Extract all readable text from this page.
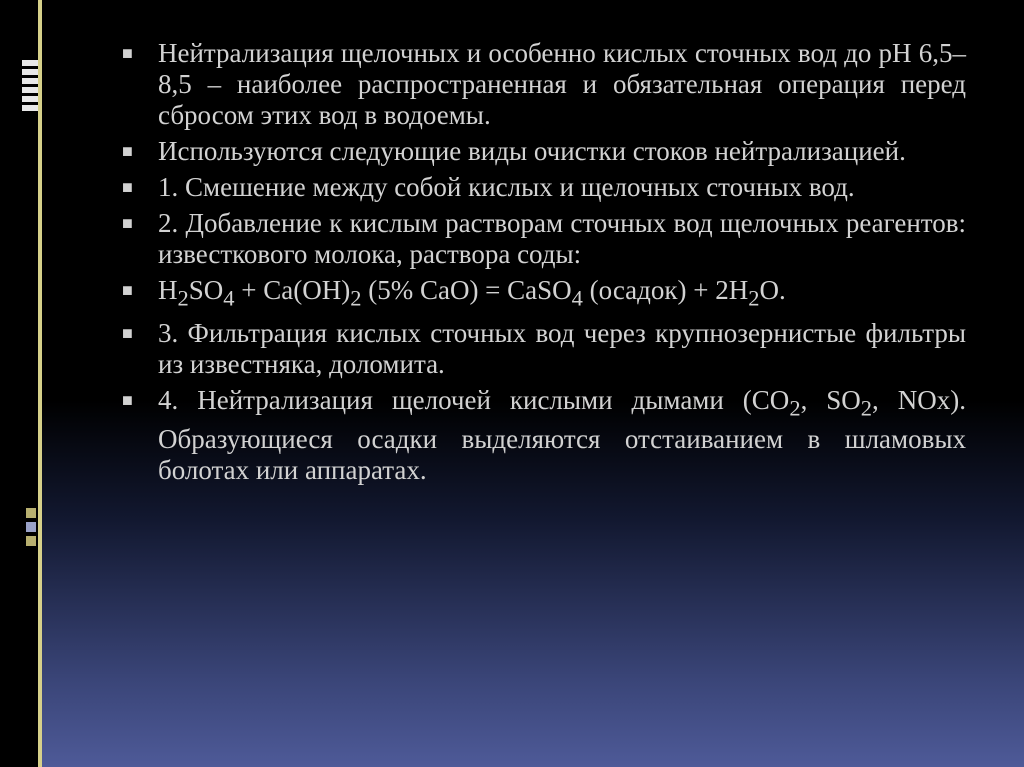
■ Нейтрализация щелочных и особенно кислых сточных вод до рН 6,5–8,5 – наиболее распространенная и обязательная операция перед сбросом этих вод в водоемы.
■ Используются следующие виды очистки стоков нейтрализацией.
■ 1. Смешение между собой кислых и щелочных сточных вод.
■ 2. Добавление к кислым растворам сточных вод щелочных реагентов: известкового молока, раствора соды:
■ $H_2SO_4 + Ca(OH)_2$ (5% CaO) = CaSO$_4$ (осадок) + $2H_2O$.
■ 3. Фильтрация кислых сточных вод через крупнозернистые фильтры из известняка, доломита.
■ 4. Нейтрализация щелочей кислыми дымами ($CO_2$, $SO_2$, NOx). Образующиеся осадки выделяются отстаиванием в шламовых болотах или аппаратах.
